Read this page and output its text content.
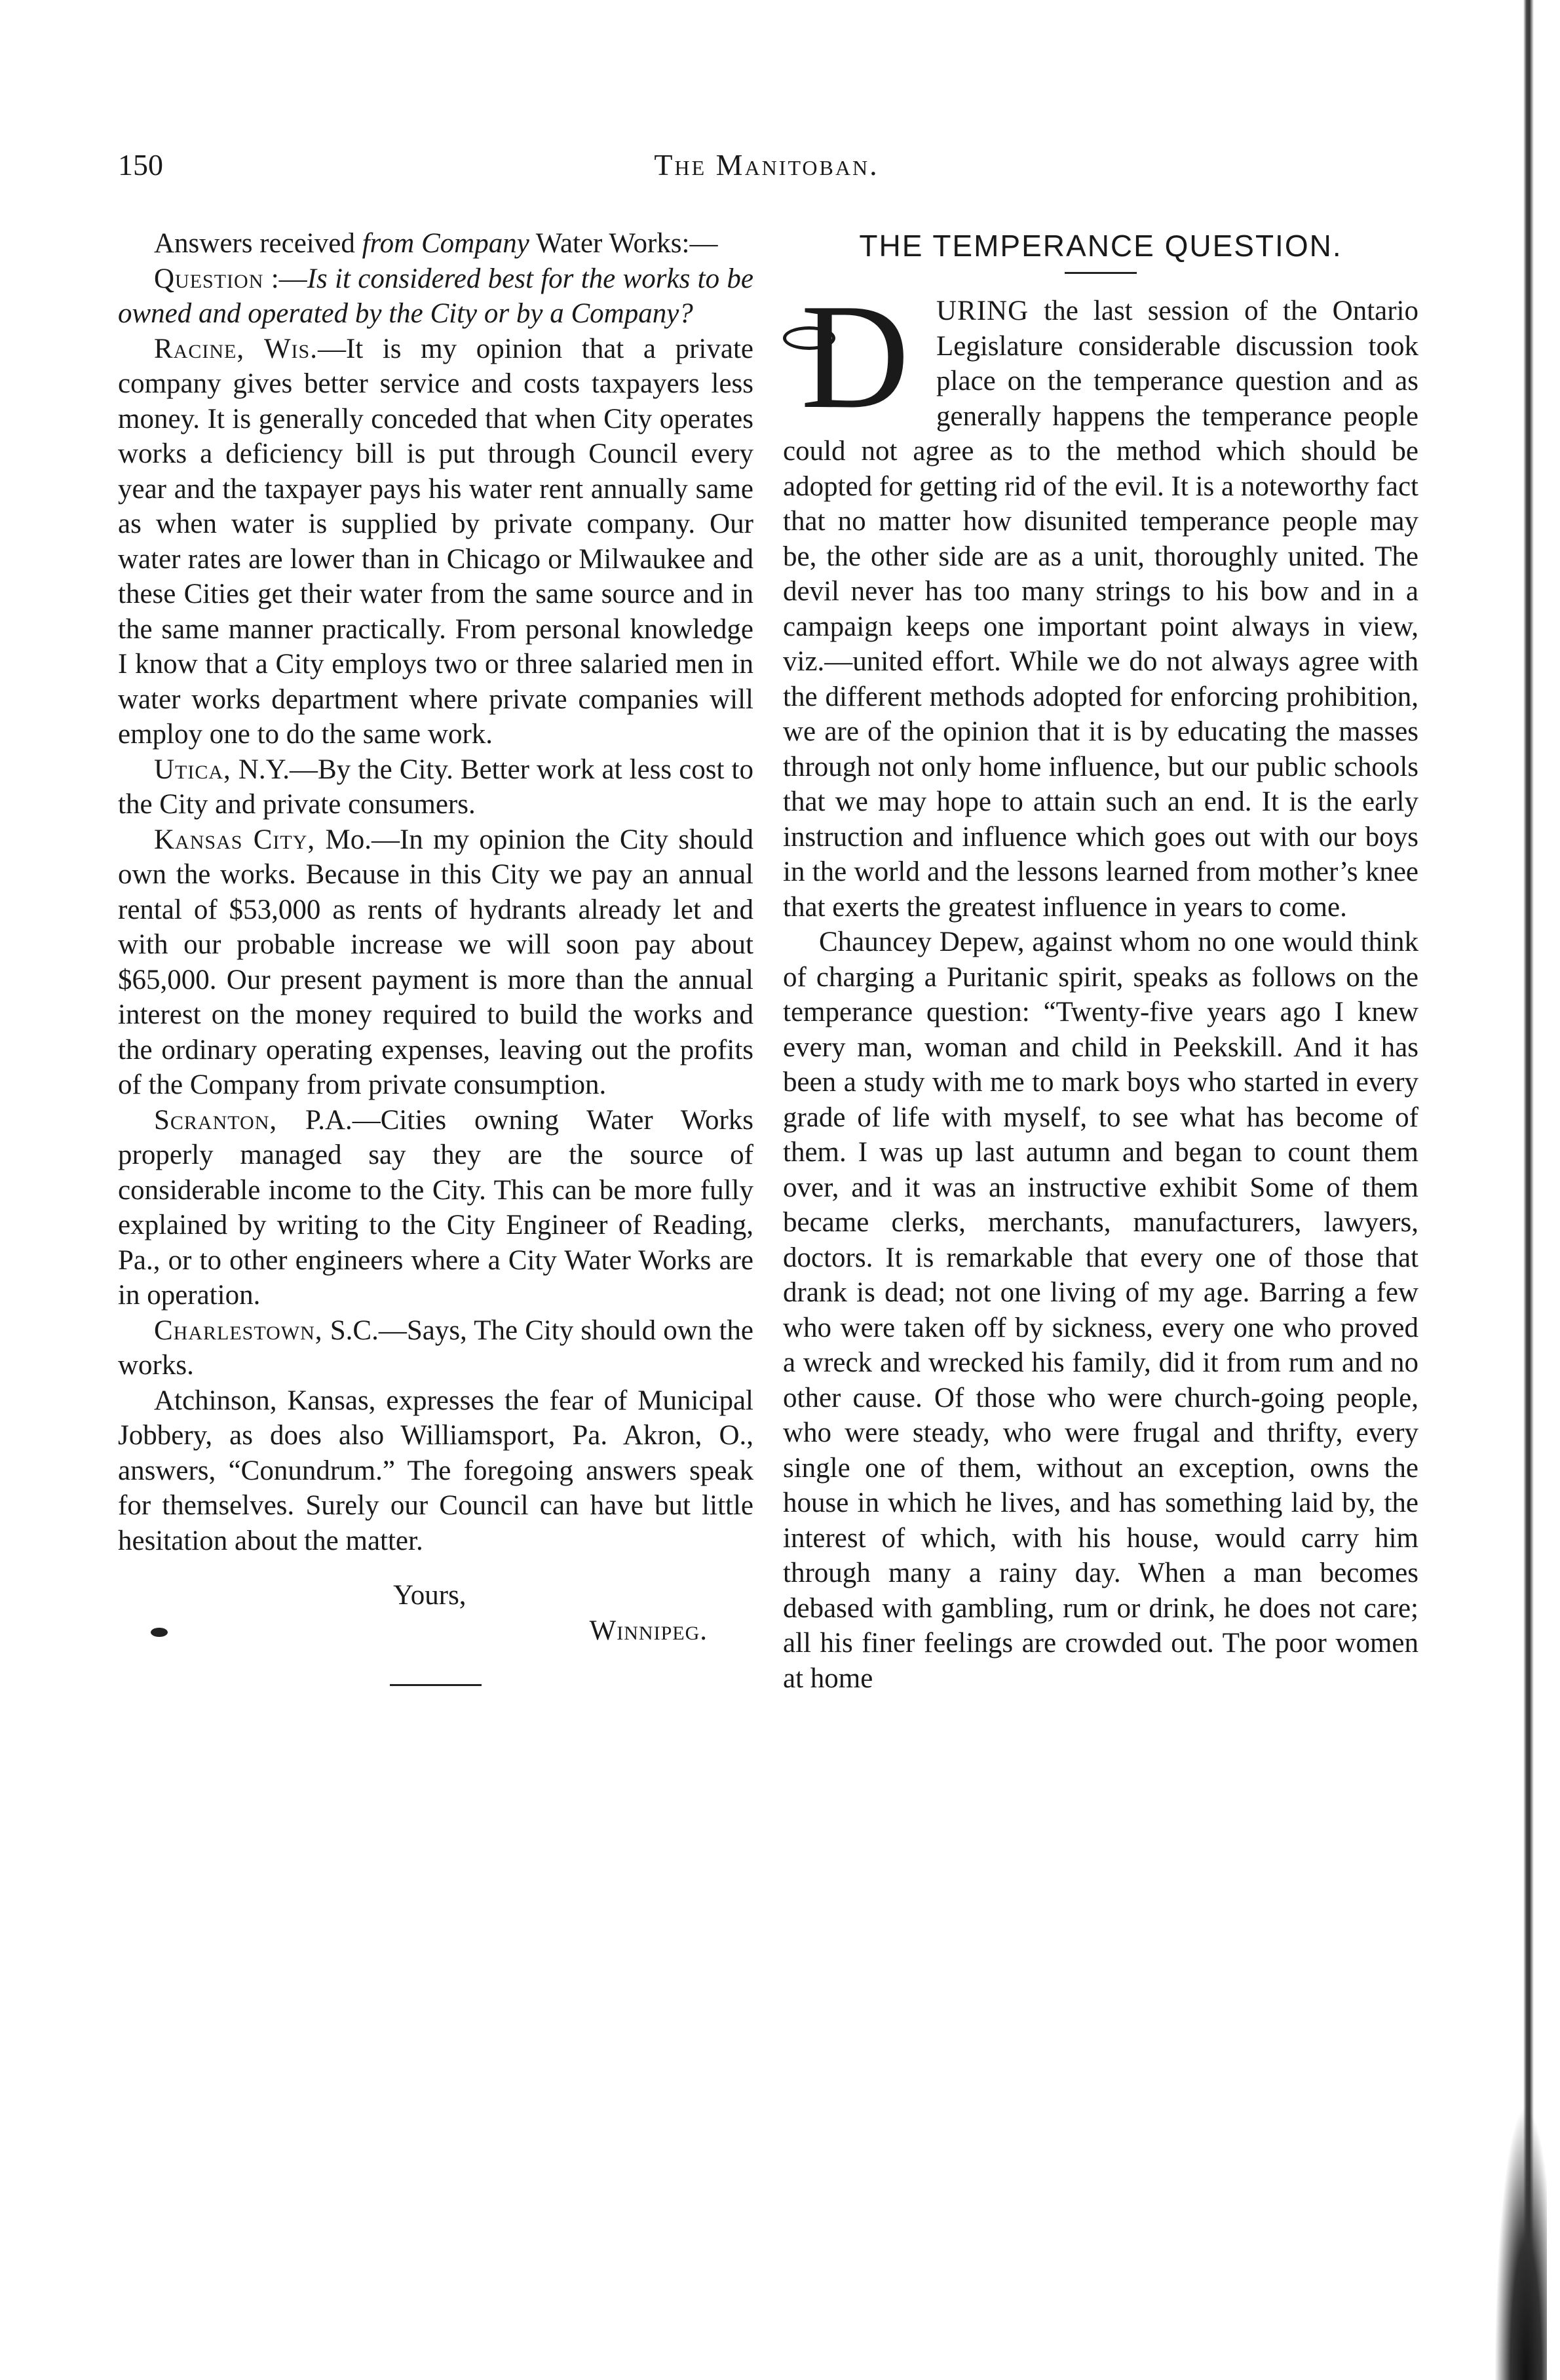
150	The Manitoban.

Answers received from Company Water Works:—

Question :—Is it considered best for the works to be owned and operated by the City or by a Company?

Racine, Wis.—It is my opinion that a private company gives better service and costs taxpayers less money. It is generally conceded that when City operates works a deficiency bill is put through Council every year and the taxpayer pays his water rent annually same as when water is supplied by private company. Our water rates are lower than in Chicago or Milwaukee and these Cities get their water from the same source and in the same manner practically. From personal knowledge I know that a City employs two or three salaried men in water works department where private companies will employ one to do the same work.

Utica, N.Y.—By the City. Better work at less cost to the City and private consumers.

Kansas City, Mo.—In my opinion the City should own the works. Because in this City we pay an annual rental of $53,000 as rents of hydrants already let and with our probable increase we will soon pay about $65,000. Our present payment is more than the annual interest on the money required to build the works and the ordinary operating expenses, leaving out the profits of the Company from private consumption.

Scranton, P.A.—Cities owning Water Works properly managed say they are the source of considerable income to the City. This can be more fully explained by writing to the City Engineer of Reading, Pa., or to other engineers where a City Water Works are in operation.

Charlestown, S.C.—Says, The City should own the works.

Atchinson, Kansas, expresses the fear of Municipal Jobbery, as does also Williamsport, Pa. Akron, O., answers, “Conundrum.” The foregoing answers speak for themselves. Surely our Council can have but little hesitation about the matter.

Yours,

Winnipeg.

THE TEMPERANCE QUESTION.
D URING the last session of the Ontario Legislature considerable discussion took place on the temperance question and as generally happens the temperance people could not agree as to the method which should be adopted for getting rid of the evil. It is a noteworthy fact that no matter how disunited temperance people may be, the other side are as a unit, thoroughly united. The devil never has too many strings to his bow and in a campaign keeps one important point always in view, viz.—united effort. While we do not always agree with the different methods adopted for enforcing prohibition, we are of the opinion that it is by educating the masses through not only home influence, but our public schools that we may hope to attain such an end. It is the early instruction and influence which goes out with our boys in the world and the lessons learned from mother’s knee that exerts the greatest influence in years to come.

Chauncey Depew, against whom no one would think of charging a Puritanic spirit, speaks as follows on the temperance question: “Twenty-five years ago I knew every man, woman and child in Peekskill. And it has been a study with me to mark boys who started in every grade of life with myself, to see what has become of them. I was up last autumn and began to count them over, and it was an instructive exhibit Some of them became clerks, merchants, manufacturers, lawyers, doctors. It is remarkable that every one of those that drank is dead; not one living of my age. Barring a few who were taken off by sickness, every one who proved a wreck and wrecked his family, did it from rum and no other cause. Of those who were church-going people, who were steady, who were frugal and thrifty, every single one of them, without an exception, owns the house in which he lives, and has something laid by, the interest of which, with his house, would carry him through many a rainy day. When a man becomes debased with gambling, rum or drink, he does not care; all his finer feelings are crowded out. The poor women at home
